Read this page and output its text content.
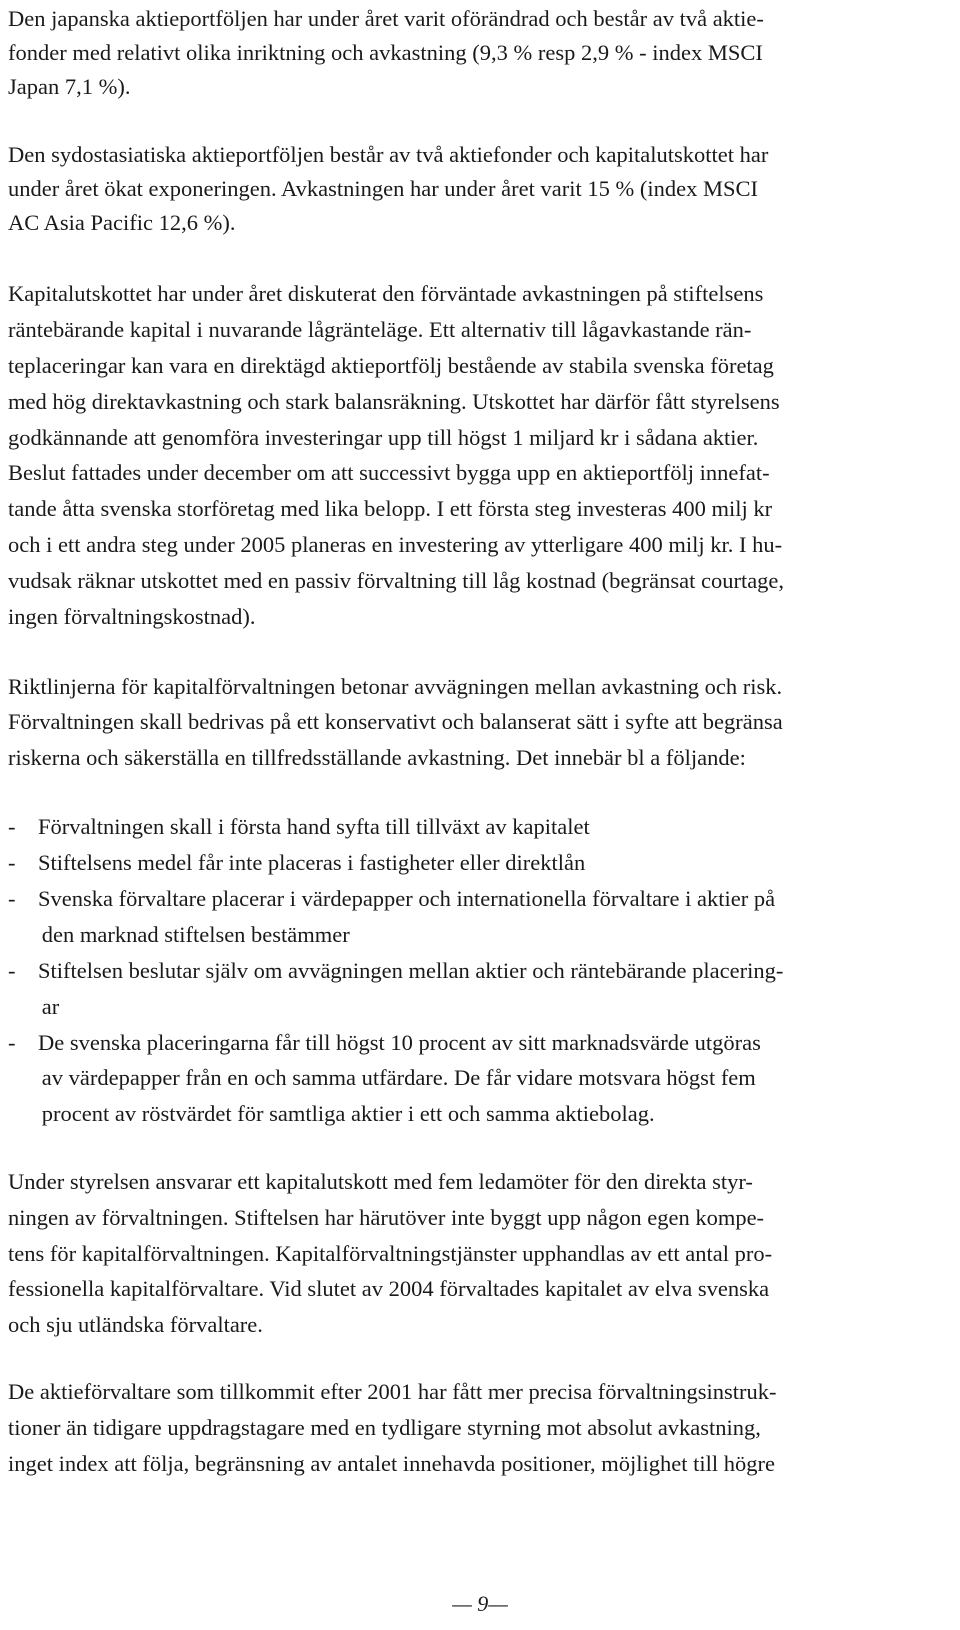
Den japanska aktieportföljen har under året varit oförändrad och består av två aktie-
fonder med relativt olika inriktning och avkastning (9,3 % resp 2,9 % - index MSCI
Japan 7,1 %).
Den sydostasiatiska aktieportföljen består av två aktiefonder och kapitalutskottet har
under året ökat exponeringen. Avkastningen har under året varit 15 % (index MSCI
AC Asia Pacific 12,6 %).
Kapitalutskottet har under året diskuterat den förväntade avkastningen på stiftelsens
räntebärande kapital i nuvarande lågränteläge. Ett alternativ till lågavkastande rän-
teplaceringar kan vara en direktägd aktieportfölj bestående av stabila svenska företag
med hög direktavkastning och stark balansräkning. Utskottet har därför fått styrelsens
godkännande att genomföra investeringar upp till högst 1 miljard kr i sådana aktier.
Beslut fattades under december om att successivt bygga upp en aktieportfölj innefat-
tande åtta svenska storföretag med lika belopp. I ett första steg investeras 400 milj kr
och i ett andra steg under 2005 planeras en investering av ytterligare 400 milj kr. I hu-
vudsak räknar utskottet med en passiv förvaltning till låg kostnad (begränsat courtage,
ingen förvaltningskostnad).
Riktlinjerna för kapitalförvaltningen betonar avvägningen mellan avkastning och risk.
Förvaltningen skall bedrivas på ett konservativt och balanserat sätt i syfte att begränsa
riskerna och säkerställa en tillfredsställande avkastning. Det innebär bl a följande:
-    Förvaltningen skall i första hand syfta till tillväxt av kapitalet
-    Stiftelsens medel får inte placeras i fastigheter eller direktlån
-    Svenska förvaltare placerar i värdepapper och internationella förvaltare i aktier på
den marknad stiftelsen bestämmer
-    Stiftelsen beslutar själv om avvägningen mellan aktier och räntebärande placering-
ar
-    De svenska placeringarna får till högst 10 procent av sitt marknadsvärde utgöras
av värdepapper från en och samma utfärdare. De får vidare motsvara högst fem
procent av röstvärdet för samtliga aktier i ett och samma aktiebolag.
Under styrelsen ansvarar ett kapitalutskott med fem ledamöter för den direkta styr-
ningen av förvaltningen. Stiftelsen har härutöver inte byggt upp någon egen kompe-
tens för kapitalförvaltningen. Kapitalförvaltningstjänster upphandlas av ett antal pro-
fessionella kapitalförvaltare. Vid slutet av 2004 förvaltades kapitalet av elva svenska
och sju utländska förvaltare.
De aktieförvaltare som tillkommit efter 2001 har fått mer precisa förvaltningsinstruk-
tioner än tidigare uppdragstagare med en tydligare styrning mot absolut avkastning,
inget index att följa, begränsning av antalet innehavda positioner, möjlighet till högre
— 9—
